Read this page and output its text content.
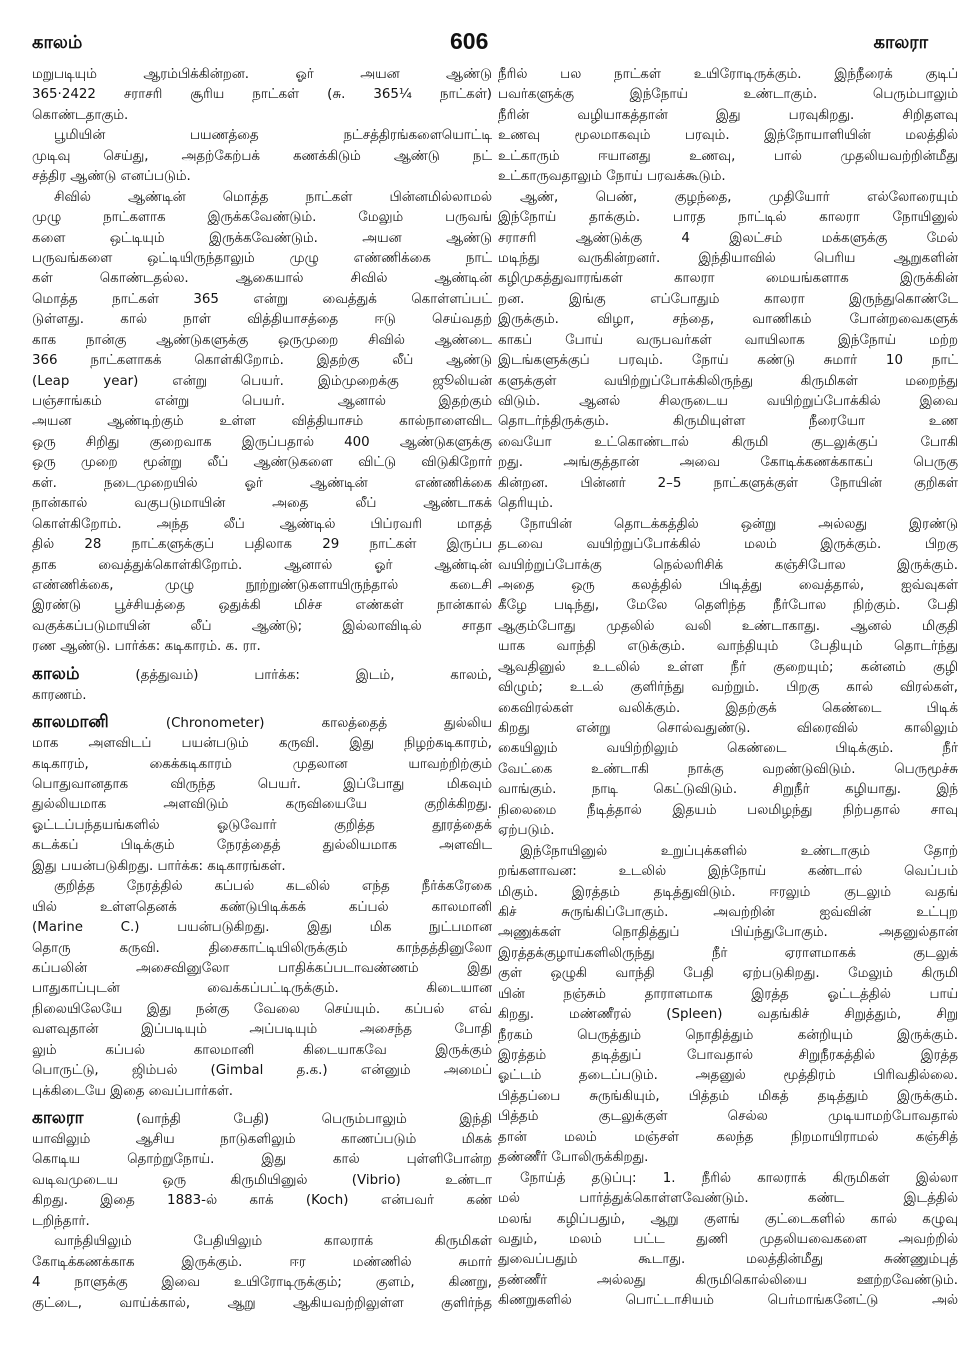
காலம்	606	காலரா
மறுபடியும் ஆரம்பிக்கின்றன. ஓர் அயன ஆண்டு
365·2422 சராசரி சூரிய நாட்கள் (சு. 365¼ நாட்கள்)
கொண்டதாகும்.
பூமியின் பயணத்தை நட்சத்திரங்களையொட்டி
முடிவு செய்து, அதற்கேற்பக் கணக்கிடும் ஆண்டு நட்
சத்திர ஆண்டு எனப்படும்.
சிவில் ஆண்டின் மொத்த நாட்கள் பின்னமில்லாமல்
முழு நாட்களாக இருக்கவேண்டும். மேலும் பருவங்
களை ஒட்டியும் இருக்கவேண்டும். அயன ஆண்டு
பருவங்களை ஒட்டியிருந்தாலும் முழு எண்ணிக்கை நாட்
கள் கொண்டதல்ல. ஆகையால் சிவில் ஆண்டின்
மொத்த நாட்கள் 365 என்று வைத்துக் கொள்ளப்பட்
டுள்ளது. கால் நாள் வித்தியாசத்தை ஈடு செய்வதற்
காக நான்கு ஆண்டுகளுக்கு ஒருமுறை சிவில் ஆண்டை
366 நாட்களாகக் கொள்கிறோம். இதற்கு லீப் ஆண்டு
(Leap year) என்று பெயர். இம்முறைக்கு ஜூலியன்
பஞ்சாங்கம் என்று பெயர். ஆனால் இதற்கும்
அயன ஆண்டிற்கும் உள்ள வித்தியாசம் கால்நாளைவிட
ஒரு சிறிது குறைவாக இருப்பதால் 400 ஆண்டுகளுக்கு
ஒரு முறை மூன்று லீப் ஆண்டுகளை விட்டு விடுகிறோர்
கள். நடைமுறையில் ஓர் ஆண்டின் எண்ணிக்கை
நான்கால் வகுபடுமாயின் அதை லீப் ஆண்டாகக்
கொள்கிறோம். அந்த லீப் ஆண்டில் பிப்ரவரி மாதத்
தில் 28 நாட்களுக்குப் பதிலாக 29 நாட்கள் இருப்ப
தாக வைத்துக்கொள்கிறோம். ஆனால் ஓர் ஆண்டின்
எண்ணிக்கை, முழு நூற்றுண்டுகளாயிருந்தால் கடைசி
இரண்டு பூச்சியத்தை ஒதுக்கி மிச்ச எண்கள் நான்கால்
வகுக்கப்படுமாயின் லீப் ஆண்டு; இல்லாவிடில் சாதா
ரண ஆண்டு. பார்க்க: கடிகாரம். க. ரா.
காலம்	(தத்துவம்) பார்க்க: இடம், காலம்,
காரணம்.
காலமானி	(Chronometer) காலத்தைத் துல்லிய
மாக அளவிடப் பயன்படும் கருவி. இது நிழற்கடிகாரம்,
கடிகாரம், கைக்கடிகாரம் முதலான யாவற்றிற்கும்
பொதுவானதாக விருந்த பெயர். இப்போது மிகவும்
துல்லியமாக அளவிடும் கருவியையே குறிக்கிறது.
ஓட்டப்பந்தயங்களில் ஓடுவோர் குறித்த தூரத்தைக்
கடக்கப் பிடிக்கும் நேரத்தைத் துல்லியமாக அளவிட
இது பயன்படுகிறது. பார்க்க: கடிகாரங்கள்.
குறித்த நேரத்தில் கப்பல் கடலில் எந்த நீர்க்கரேகை
யில் உள்ளதெனக் கண்டுபிடிக்கக் கப்பல் காலமானி
(Marine C.) பயன்படுகிறது. இது மிக நுட்பமான
தொரு கருவி. திசைகாட்டியிலிருக்கும் காந்தத்தினுலோ
கப்பலின் அசைவினுலோ பாதிக்கப்படாவண்ணம் இது
பாதுகாப்புடன் வைக்கப்பட்டிருக்கும். கிடையான
நிலையிலேயே இது நன்கு வேலை செய்யும். கப்பல் எவ்
வளவுதான் இப்படியும் அப்படியும் அசைந்த போதி
லும் கப்பல் காலமானி கிடையாகவே இருக்கும்
பொருட்டு, ஜிம்பல் (Gimbal த.க.) என்னும் அமைப்
புக்கிடையே இதை வைப்பார்கள்.
காலரா	(வாந்தி பேதி) பெரும்பாலும் இந்தி
யாவிலும் ஆசிய நாடுகளிலும் காணப்படும் மிகக்
கொடிய தொற்றுநோய். இது கால் புள்ளிபோன்ற
வடிவமுடைய ஒரு கிருமியினுல் (Vibrio) உண்டா
கிறது. இதை 1883-ல் காக் (Koch) என்பவர் கண்
டறிந்தார்.
வாந்தியிலும் பேதியிலும் காலராக் கிருமிகள்
கோடிக்கணக்காக இருக்கும். ஈர மண்ணில் சுமார்
4 நாளுக்கு இவை உயிரோடிருக்கும்; குளம், கிணறு,
குட்டை, வாய்க்கால், ஆறு ஆகியவற்றிலுள்ள குளிர்ந்த
நீரில் பல நாட்கள் உயிரோடிருக்கும். இந்நீரைக் குடிப்
பவர்களுக்கு இந்நோய் உண்டாகும். பெரும்பாலும்
நீரின் வழியாகத்தான் இது பரவுகிறது. சிறிதளவு
உணவு மூலமாகவும் பரவும். இந்நோயாளியின் மலத்தில்
உட்காரும் ஈயானது உணவு, பால் முதலியவற்றின்மீது
உட்காருவதாலும் நோய் பரவக்கூடும்.
ஆண், பெண், குழந்தை, முதியோர் எல்லோரையும்
இந்நோய் தாக்கும். பாரத நாட்டில் காலரா நோயினுல்
சராசரி ஆண்டுக்கு 4 இலட்சம் மக்களுக்கு மேல்
மடிந்து வருகின்றனர். இந்தியாவில் பெரிய ஆறுகளின்
கழிமுகத்துவாரங்கள் காலரா மையங்களாக இருக்கின்
றன. இங்கு எப்போதும் காலரா இருந்துகொண்டே
இருக்கும். விழா, சந்தை, வாணிகம் போன்றவைகளுக்
காகப் போய் வருபவர்கள் வாயிலாக இந்நோய் மற்ற
இடங்களுக்குப் பரவும். நோய் கண்டு சுமார் 10 நாட்
களுக்குள் வயிற்றுப்போக்கிலிருந்து கிருமிகள் மறைந்து
விடும். ஆனல் சிலருடைய வயிற்றுப்போக்கில் இவை
தொடர்ந்திருக்கும். கிருமியுள்ள நீரையோ உண
வையோ உட்கொண்டால் கிருமி குடலுக்குப் போகி
றது. அங்குத்தான் அவை கோடிக்கணக்காகப் பெருகு
கின்றன. பின்னர் 2–5 நாட்களுக்குள் நோயின் குறிகள்
தெரியும்.
நோயின் தொடக்கத்தில் ஒன்று அல்லது இரண்டு
தடவை வயிற்றுப்போக்கில் மலம் இருக்கும். பிறகு
வயிற்றுப்போக்கு நெல்லரிசிக் கஞ்சிபோல இருக்கும்.
அதை ஒரு கலத்தில் பிடித்து வைத்தால், ஐவ்வுகள்
கீழே படிந்து, மேலே தெளிந்த நீர்போல நிற்கும். பேதி
ஆகும்போது முதலில் வலி உண்டாகாது. ஆனல் மிகுதி
யாக வாந்தி எடுக்கும். வாந்தியும் பேதியும் தொடர்ந்து
ஆவதினுல் உடலில் உள்ள நீர் குறையும்; கன்னம் குழி
விழும்; உடல் குளிர்ந்து வற்றும். பிறகு கால் விரல்கள்,
கைவிரல்கள் வலிக்கும். இதற்குக் கெண்டை பிடிக்
கிறது என்று சொல்வதுண்டு. விரைவில் காலிலும்
கையிலும் வயிற்றிலும் கெண்டை பிடிக்கும். நீர்
வேட்கை உண்டாகி நாக்கு வறண்டுவிடும். பெருமூச்சு
வாங்கும். நாடி கெட்டுவிடும். சிறுநீர் கழியாது. இந்
நிலைமை நீடித்தால் இதயம் பலமிழந்து நிற்பதால் சாவு
ஏற்படும்.
இந்நோயினுல் உறுப்புக்களில் உண்டாகும் தோற்
றங்களாவன: உடலில் இந்நோய் கண்டால் வெப்பம்
மிகும். இரத்தம் தடித்துவிடும். ஈரலும் குடலும் வதங்
கிச் சுருங்கிப்போகும். அவற்றின் ஐவ்வின் உட்புற
அணுக்கள் நொதித்துப் பிய்ந்துபோகும். அதனுல்தான்
இரத்தக்குழாய்களிலிருந்து நீர் ஏராளமாகக் குடலுக்
குள் ஒழுகி வாந்தி பேதி ஏற்படுகிறது. மேலும் கிருமி
யின் நஞ்சும் தாராளமாக இரத்த ஓட்டத்தில் பாய்
கிறது. மண்ணீரல் (Spleen) வதங்கிச் சிறுத்தும், சிறு
நீரகம் பெருத்தும் நொதித்தும் கன்றியும் இருக்கும்.
இரத்தம் தடித்துப் போவதால் சிறுநீரகத்தில் இரத்த
ஓட்டம் தடைப்படும். அதனுல் மூத்திரம் பிரிவதில்லை.
பித்தப்பை சுருங்கியும், பித்தம் மிகத் தடித்தும் இருக்கும்.
பித்தம் குடலுக்குள் செல்ல முடியாமற்போவதால்
தான் மலம் மஞ்சள் கலந்த நிறமாயிராமல் கஞ்சித்
தண்ணீர் போலிருக்கிறது.
நோய்த் தடுப்பு: 1. நீரில் காலராக் கிருமிகள் இல்லா
மல் பார்த்துக்கொள்ளவேண்டும். கண்ட இடத்தில்
மலங் கழிப்பதும், ஆறு குளங் குட்டைகளில் கால் கழுவு
வதும், மலம் பட்ட துணி முதலியவைகளை அவற்றில்
துவைப்பதும் கூடாது. மலத்தின்மீது சுண்ணும்புத்
தண்ணீர் அல்லது கிருமிகொல்லியை ஊற்றவேண்டும்.
கிணறுகளில் பொட்டாசியம் பெர்மாங்கனேட்டு அல்
